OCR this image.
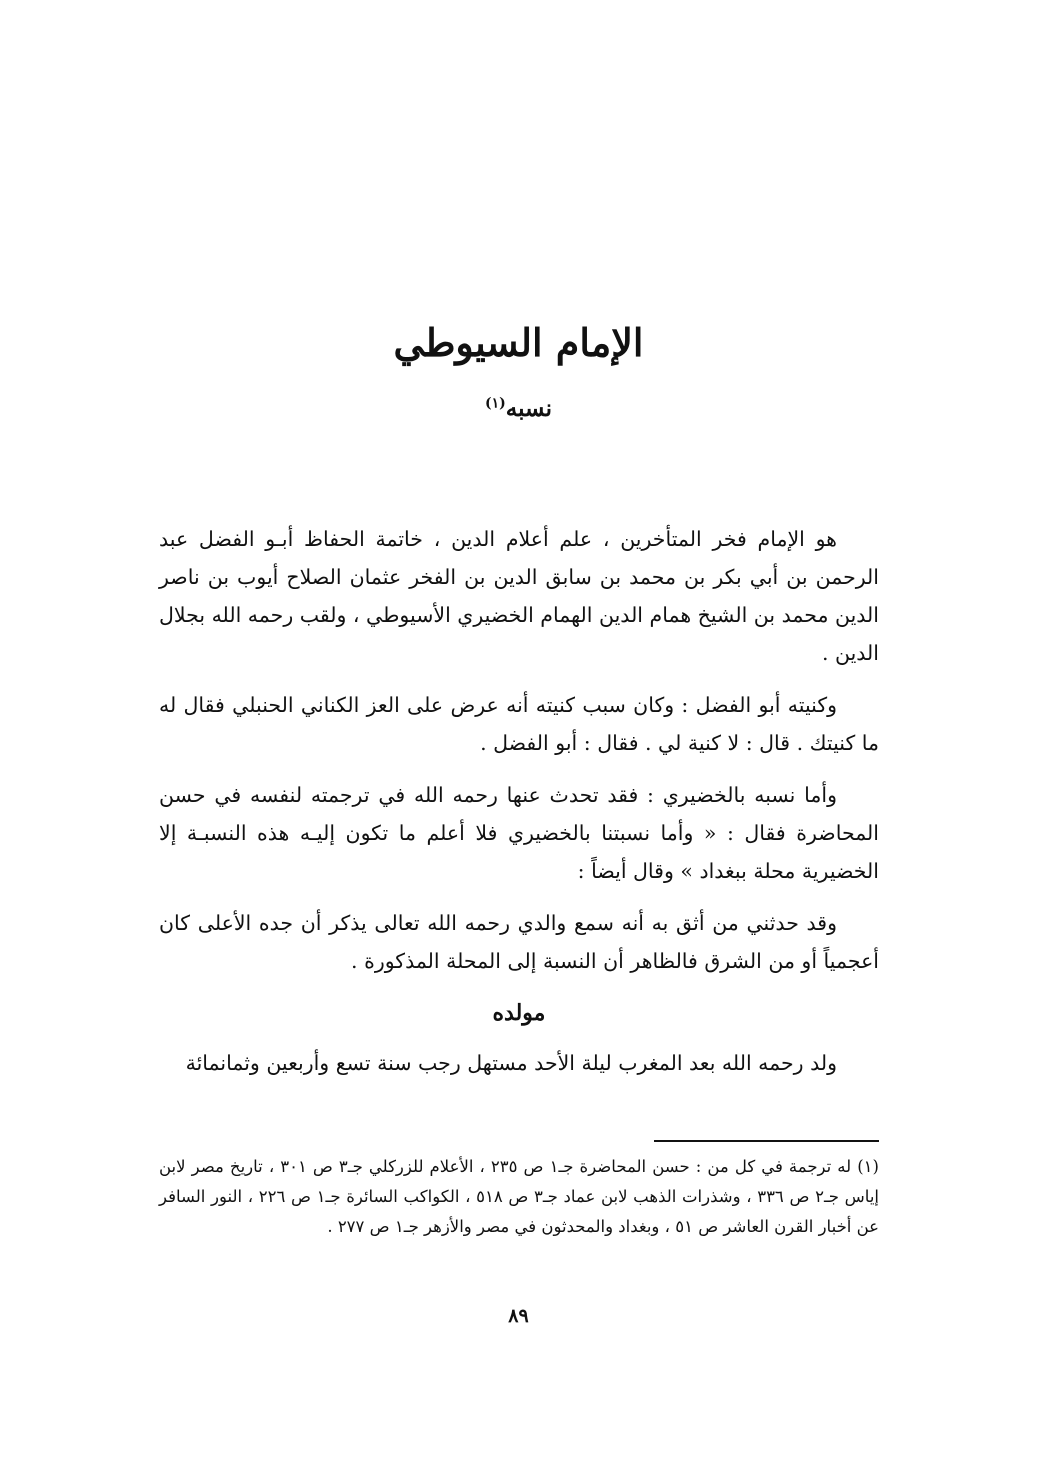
الإمام السيوطي
نسبه$^{(١)}$

هو الإمام فخر المتأخرين ، علم أعلام الدين ، خاتمة الحفاظ أبـو الفضل عبد الرحمن بن أبي بكر بن محمد بن سابق الدين بن الفخر عثمان الصلاح أيوب بن ناصر الدين محمد بن الشيخ همام الدين الهمام الخضيري الأسيوطي ، ولقب رحمه الله بجلال الدين .

وكنيته أبو الفضل : وكان سبب كنيته أنه عرض على العز الكناني الحنبلي فقال له ما كنيتك . قال : لا كنية لي . فقال : أبو الفضل .

وأما نسبه بالخضيري : فقد تحدث عنها رحمه الله في ترجمته لنفسه في حسن المحاضرة فقال : « وأما نسبتنا بالخضيري فلا أعلم ما تكون إليـه هذه النسبـة إلا الخضيرية محلة ببغداد » وقال أيضاً :

وقد حدثني من أثق به أنه سمع والدي رحمه الله تعالى يذكر أن جده الأعلى كان أعجمياً أو من الشرق فالظاهر أن النسبة إلى المحلة المذكورة .

مولده

ولد رحمه الله بعد المغرب ليلة الأحد مستهل رجب سنة تسع وأربعين وثمانمائة

(١) له ترجمة في كل من : حسن المحاضرة جـ١ ص ٢٣٥ ، الأعلام للزركلي جـ٣ ص ٣٠١ ، تاريخ مصر لابن إياس جـ٢ ص ٣٣٦ ، وشذرات الذهب لابن عماد جـ٣ ص ٥١٨ ، الكواكب السائرة جـ١ ص ٢٢٦ ، النور السافر عن أخبار القرن العاشر ص ٥١ ، وبغداد والمحدثون في مصر والأزهر جـ١ ص ٢٧٧ .

٨٩
